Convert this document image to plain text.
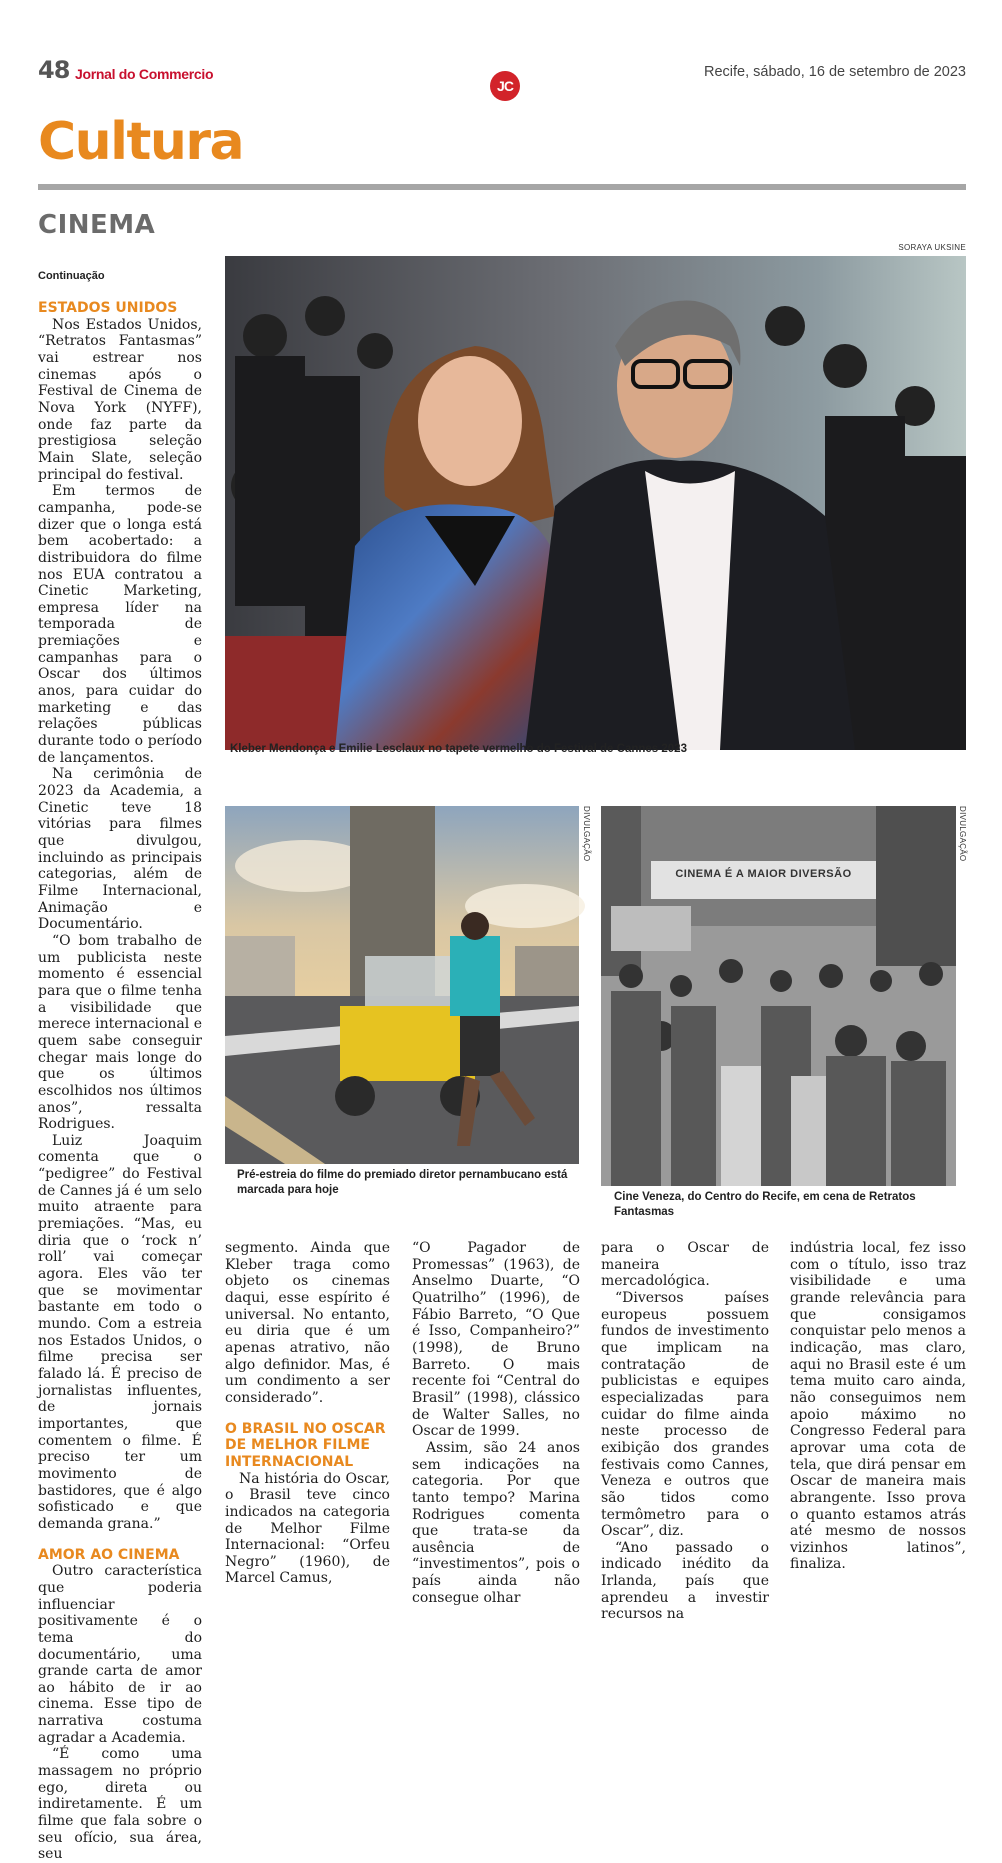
48 Jornal do Commercio
JC
Recife, sábado, 16 de setembro de 2023
Cultura
CINEMA
Continuação
ESTADOS UNIDOS

Nos Estados Unidos, “Retratos Fantasmas” vai estrear nos cinemas após o Festival de Cinema de Nova York (NYFF), onde faz parte da prestigiosa seleção Main Slate, seleção principal do festival.

Em termos de campanha, pode-se dizer que o longa está bem acobertado: a distribuidora do filme nos EUA contratou a Cinetic Marketing, empresa líder na temporada de premiações e campanhas para o Oscar dos últimos anos, para cuidar do marketing e das relações públicas durante todo o período de lançamentos.

Na cerimônia de 2023 da Academia, a Cinetic teve 18 vitórias para filmes que divulgou, incluindo as principais categorias, além de Filme Internacional, Animação e Documentário.

“O bom trabalho de um publicista neste momento é essencial para que o filme tenha a visibilidade que merece internacional e quem sabe conseguir chegar mais longe do que os últimos escolhidos nos últimos anos”, ressalta Rodrigues.

Luiz Joaquim comenta que o “pedigree” do Festival de Cannes já é um selo muito atraente para premiações. “Mas, eu diria que o ‘rock n’ roll’ vai começar agora. Eles vão ter que se movimentar bastante em todo o mundo. Com a estreia nos Estados Unidos, o filme precisa ser falado lá. É preciso de jornalistas influentes, de jornais importantes, que comentem o filme. É preciso ter um movimento de bastidores, que é algo sofisticado e que demanda grana.”

AMOR AO CINEMA

Outro característica que poderia influenciar positivamente é o tema do documentário, uma grande carta de amor ao hábito de ir ao cinema. Esse tipo de narrativa costuma agradar a Academia.

“É como uma massagem no próprio ego, direta ou indiretamente. É um filme que fala sobre o seu ofício, sua área, seu

SORAYA UKSINE
Kleber Mendonça e Emilie Lesclaux no tapete vermelho do Festival de Cannes 2023
DIVULGAÇÃO
Pré-estreia do filme do premiado diretor pernambucano está marcada para hoje
CINEMA É A MAIOR DIVERSÃO
DIVULGAÇÃO
Cine Veneza, do Centro do Recife, em cena de Retratos Fantasmas

segmento. Ainda que Kleber traga como objeto os cinemas daqui, esse espírito é universal. No entanto, eu diria que é um apenas atrativo, não algo definidor. Mas, é um condimento a ser considerado”.

O BRASIL NO OSCAR DE MELHOR FILME INTERNACIONAL

Na história do Oscar, o Brasil teve cinco indicados na categoria de Melhor Filme Internacional: “Orfeu Negro” (1960), de Marcel Camus,

“O Pagador de Promessas” (1963), de Anselmo Duarte, “O Quatrilho” (1996), de Fábio Barreto, “O Que é Isso, Companheiro?” (1998), de Bruno Barreto. O mais recente foi “Central do Brasil” (1998), clássico de Walter Salles, no Oscar de 1999.

Assim, são 24 anos sem indicações na categoria. Por que tanto tempo? Marina Rodrigues comenta que trata-se da ausência de “investimentos”, pois o país ainda não consegue olhar

para o Oscar de maneira mercadológica.

“Diversos países europeus possuem fundos de investimento que implicam na contratação de publicistas e equipes especializadas para cuidar do filme ainda neste processo de exibição dos grandes festivais como Cannes, Veneza e outros que são tidos como termômetro para o Oscar”, diz.

“Ano passado o indicado inédito da Irlanda, país que aprendeu a investir recursos na

indústria local, fez isso com o título, isso traz visibilidade e uma grande relevância para que consigamos conquistar pelo menos a indicação, mas claro, aqui no Brasil este é um tema muito caro ainda, não conseguimos nem apoio máximo no Congresso Federal para aprovar uma cota de tela, que dirá pensar em Oscar de maneira mais abrangente. Isso prova o quanto estamos atrás até mesmo de nossos vizinhos latinos”, finaliza.
